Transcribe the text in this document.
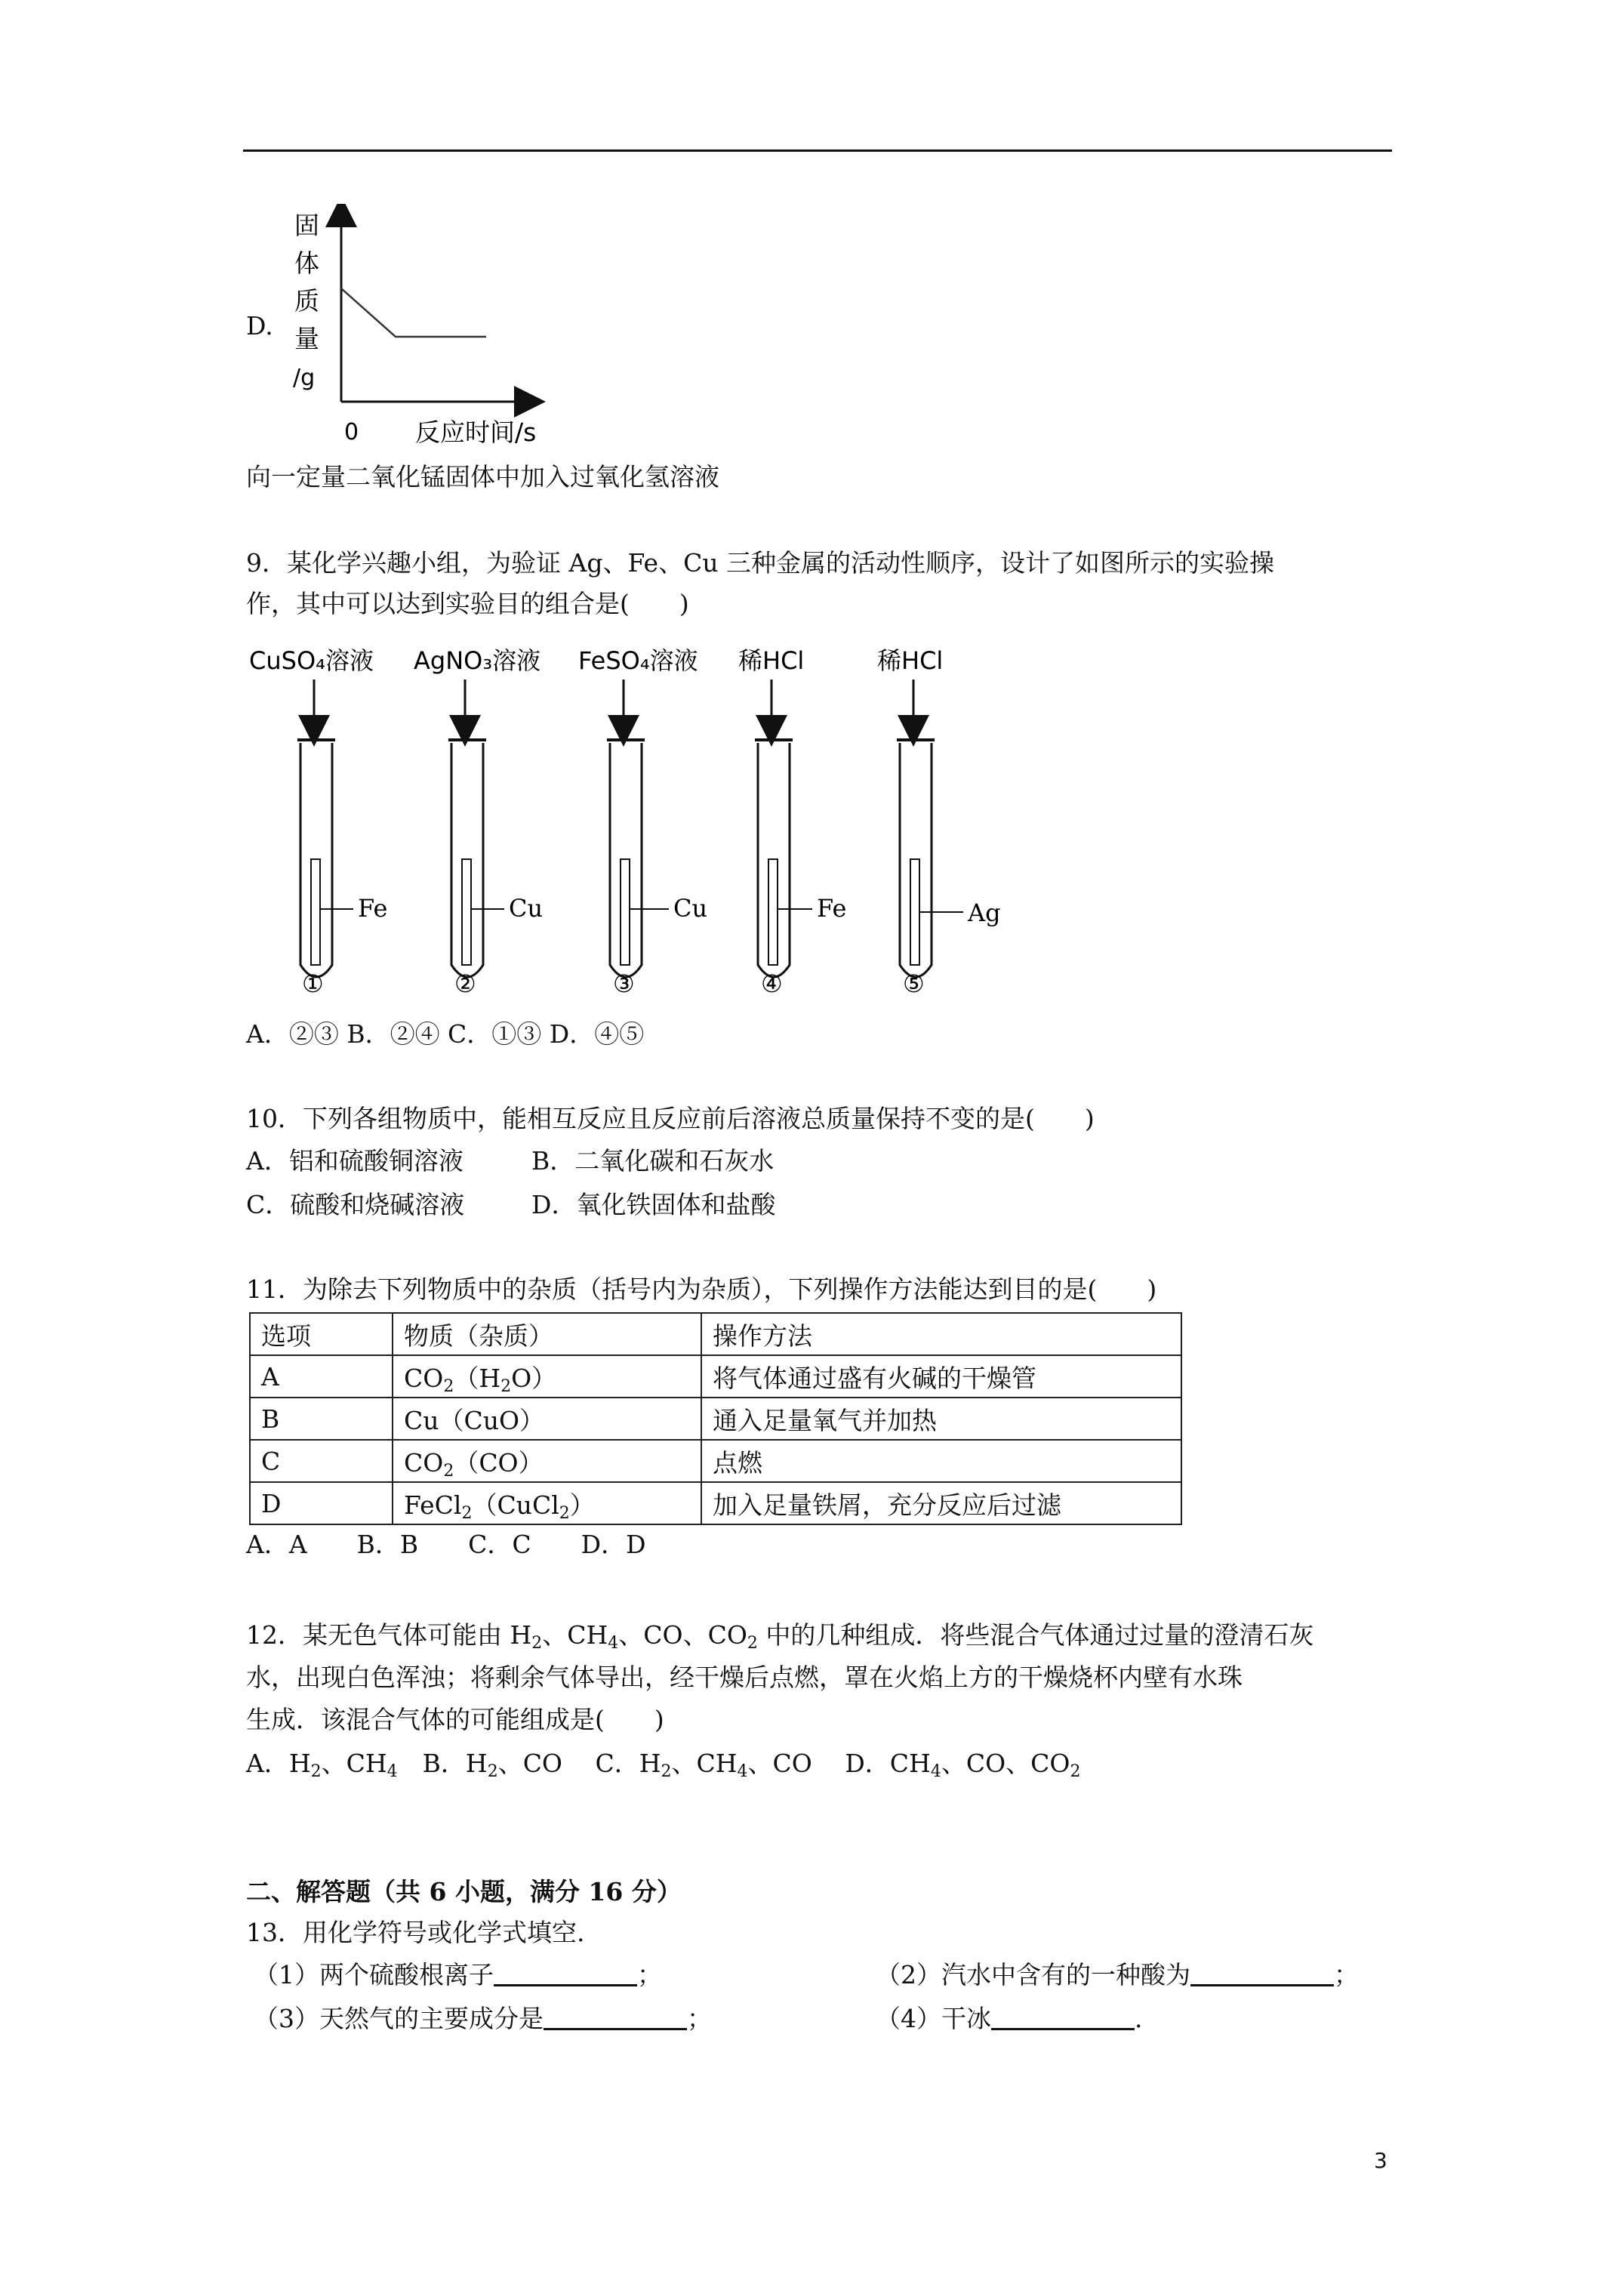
D.
固
体
质
量
/g
0 反应时间/s
向一定量二氧化锰固体中加入过氧化氢溶液
9．某化学兴趣小组，为验证 Ag、Fe、Cu 三种金属的活动性顺序，设计了如图所示的实验操
作，其中可以达到实验目的组合是(　　)
CuSO₄溶液
Fe
①
AgNO₃溶液
Cu
②
FeSO₄溶液
Cu
③
稀HCl
Fe
④
稀HCl
Ag
⑤
A．②③ B．②④ C．①③ D．④⑤
10．下列各组物质中，能相互反应且反应前后溶液总质量保持不变的是(　　)
A．铝和硫酸铜溶液	B．二氧化碳和石灰水
C．硫酸和烧碱溶液	D．氧化铁固体和盐酸
11．为除去下列物质中的杂质（括号内为杂质），下列操作方法能达到目的是(　　)
选项	物质（杂质）	操作方法
A	$CO_2(H_2O)$	将气体通过盛有火碱的干燥管
B	Cu（CuO）	通入足量氧气并加热
C	$CO_2(CO)$	点燃
D	FeCl$_2$（CuCl$_2$）	加入足量铁屑，充分反应后过滤
A．A　　B．B　　C．C　　D．D
12．某无色气体可能由 $H_2$、$CH_4$、CO、$CO_2$ 中的几种组成．将些混合气体通过过量的澄清石灰
水，出现白色浑浊；将剩余气体导出，经干燥后点燃，罩在火焰上方的干燥烧杯内壁有水珠
生成．该混合气体的可能组成是(　　)
A．$H_2$、$CH_4$　B．$H_2$、CO　 C．$H_2$、$CH_4$、CO　 D．$CH_4$、CO、$CO_2$
二、解答题（共 6 小题，满分 16 分）
13．用化学符号或化学式填空.
（1）两个硫酸根离子	；	（2）汽水中含有的一种酸为	；
（3）天然气的主要成分是	；	（4）干冰	.
3
